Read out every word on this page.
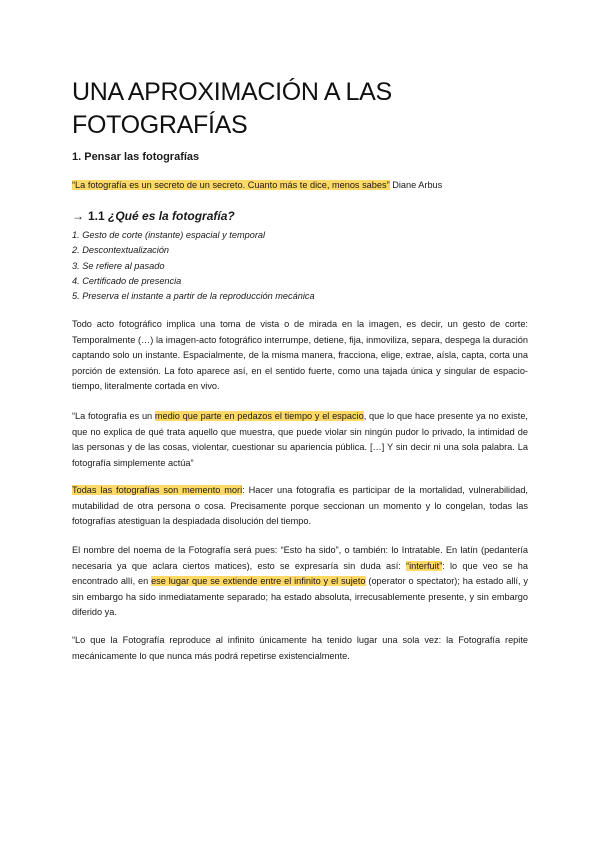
UNA APROXIMACIÓN A LAS FOTOGRAFÍAS
1. Pensar las fotografías
“La fotografía es un secreto de un secreto. Cuanto más te dice, menos sabes” Diane Arbus
→ 1.1 ¿Qué es la fotografía?
1. Gesto de corte (instante) espacial y temporal
2. Descontextualización
3. Se refiere al pasado
4. Certificado de presencia
5. Preserva el instante a partir de la reproducción mecánica

Todo acto fotográfico implica una toma de vista o de mirada en la imagen, es decir, un gesto de corte: Temporalmente (…) la imagen-acto fotográfico interrumpe, detiene, fija, inmoviliza, separa, despega la duración captando solo un instante. Espacialmente, de la misma manera, fracciona, elige, extrae, aísla, capta, corta una porción de extensión. La foto aparece así, en el sentido fuerte, como una tajada única y singular de espacio-tiempo, literalmente cortada en vivo.

“La fotografía es un medio que parte en pedazos el tiempo y el espacio, que lo que hace presente ya no existe, que no explica de qué trata aquello que muestra, que puede violar sin ningún pudor lo privado, la intimidad de las personas y de las cosas, violentar, cuestionar su apariencia pública. […] Y sin decir ni una sola palabra. La fotografía simplemente actúa”

Todas las fotografías son memento mori: Hacer una fotografía es participar de la mortalidad, vulnerabilidad, mutabilidad de otra persona o cosa. Precisamente porque seccionan un momento y lo congelan, todas las fotografías atestiguan la despiadada disolución del tiempo.

El nombre del noema de la Fotografía será pues: “Esto ha sido”, o también: lo Intratable. En latín (pedantería necesaria ya que aclara ciertos matices), esto se expresaría sin duda así: “interfuit”: lo que veo se ha encontrado allí, en ese lugar que se extiende entre el infinito y el sujeto (operator o spectator); ha estado allí, y sin embargo ha sido inmediatamente separado; ha estado absoluta, irrecusablemente presente, y sin embargo diferido ya.

“Lo que la Fotografía reproduce al infinito únicamente ha tenido lugar una sola vez: la Fotografía repite mecánicamente lo que nunca más podrá repetirse existencialmente.
